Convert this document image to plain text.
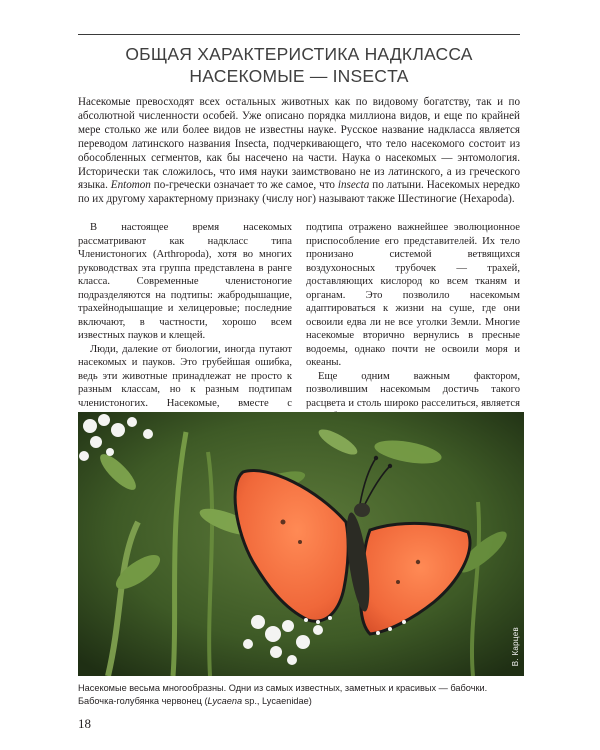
ОБЩАЯ ХАРАКТЕРИСТИКА НАДКЛАССА
НАСЕКОМЫЕ — INSECTA

Насекомые превосходят всех остальных животных как по видовому богатству, так и по абсолютной численности особей. Уже описано порядка миллиона видов, и еще по крайней мере столько же или более видов не известны науке. Русское название надкласса является переводом латинского названия Insecta, подчеркивающего, что тело насекомого состоит из обособленных сегментов, как бы насечено на части. Наука о насекомых — энтомология. Исторически так сложилось, что имя науки заимствовано не из латинского, а из греческого языка. Entomon по-гречески означает то же самое, что insecta по латыни. Насекомых нередко по их другому характерному признаку (числу ног) называют также Шестиногие (Hexapoda).

В настоящее время насекомых рассматривают как надкласс типа Членистоногих (Arthropoda), хотя во многих руководствах эта группа представлена в ранге класса. Современные членистоногие подразделяются на подтипы: жабродышащие, трахейнодышащие и хелицеровые; последние включают, в частности, хорошо всем известных пауков и клещей.

Люди, далекие от биологии, иногда путают насекомых и пауков. Это грубейшая ошибка, ведь эти животные принадлежат не просто к разным классам, но к разным подтипам членистоногих. Насекомые, вместе с

подтипа отражено важнейшее эволюционное приспособление его представителей. Их тело пронизано системой ветвящихся воздухоносных трубочек — трахей, доставляющих кислород ко всем тканям и органам. Это позволило насекомым адаптироваться к жизни на суше, где они освоили едва ли не все уголки Земли. Многие насекомые вторично вернулись в пресные водоемы, однако почти не освоили моря и океаны.

Еще одним важным фактором, позволившим насекомым достичь такого расцвета и столь широко расселиться, является

В. Карцев
Насекомые весьма многообразны. Одни из самых известных, заметных и красивых — бабочки.
Бабочка-голубянка червонец (Lycaena sp., Lycaenidae)
18
